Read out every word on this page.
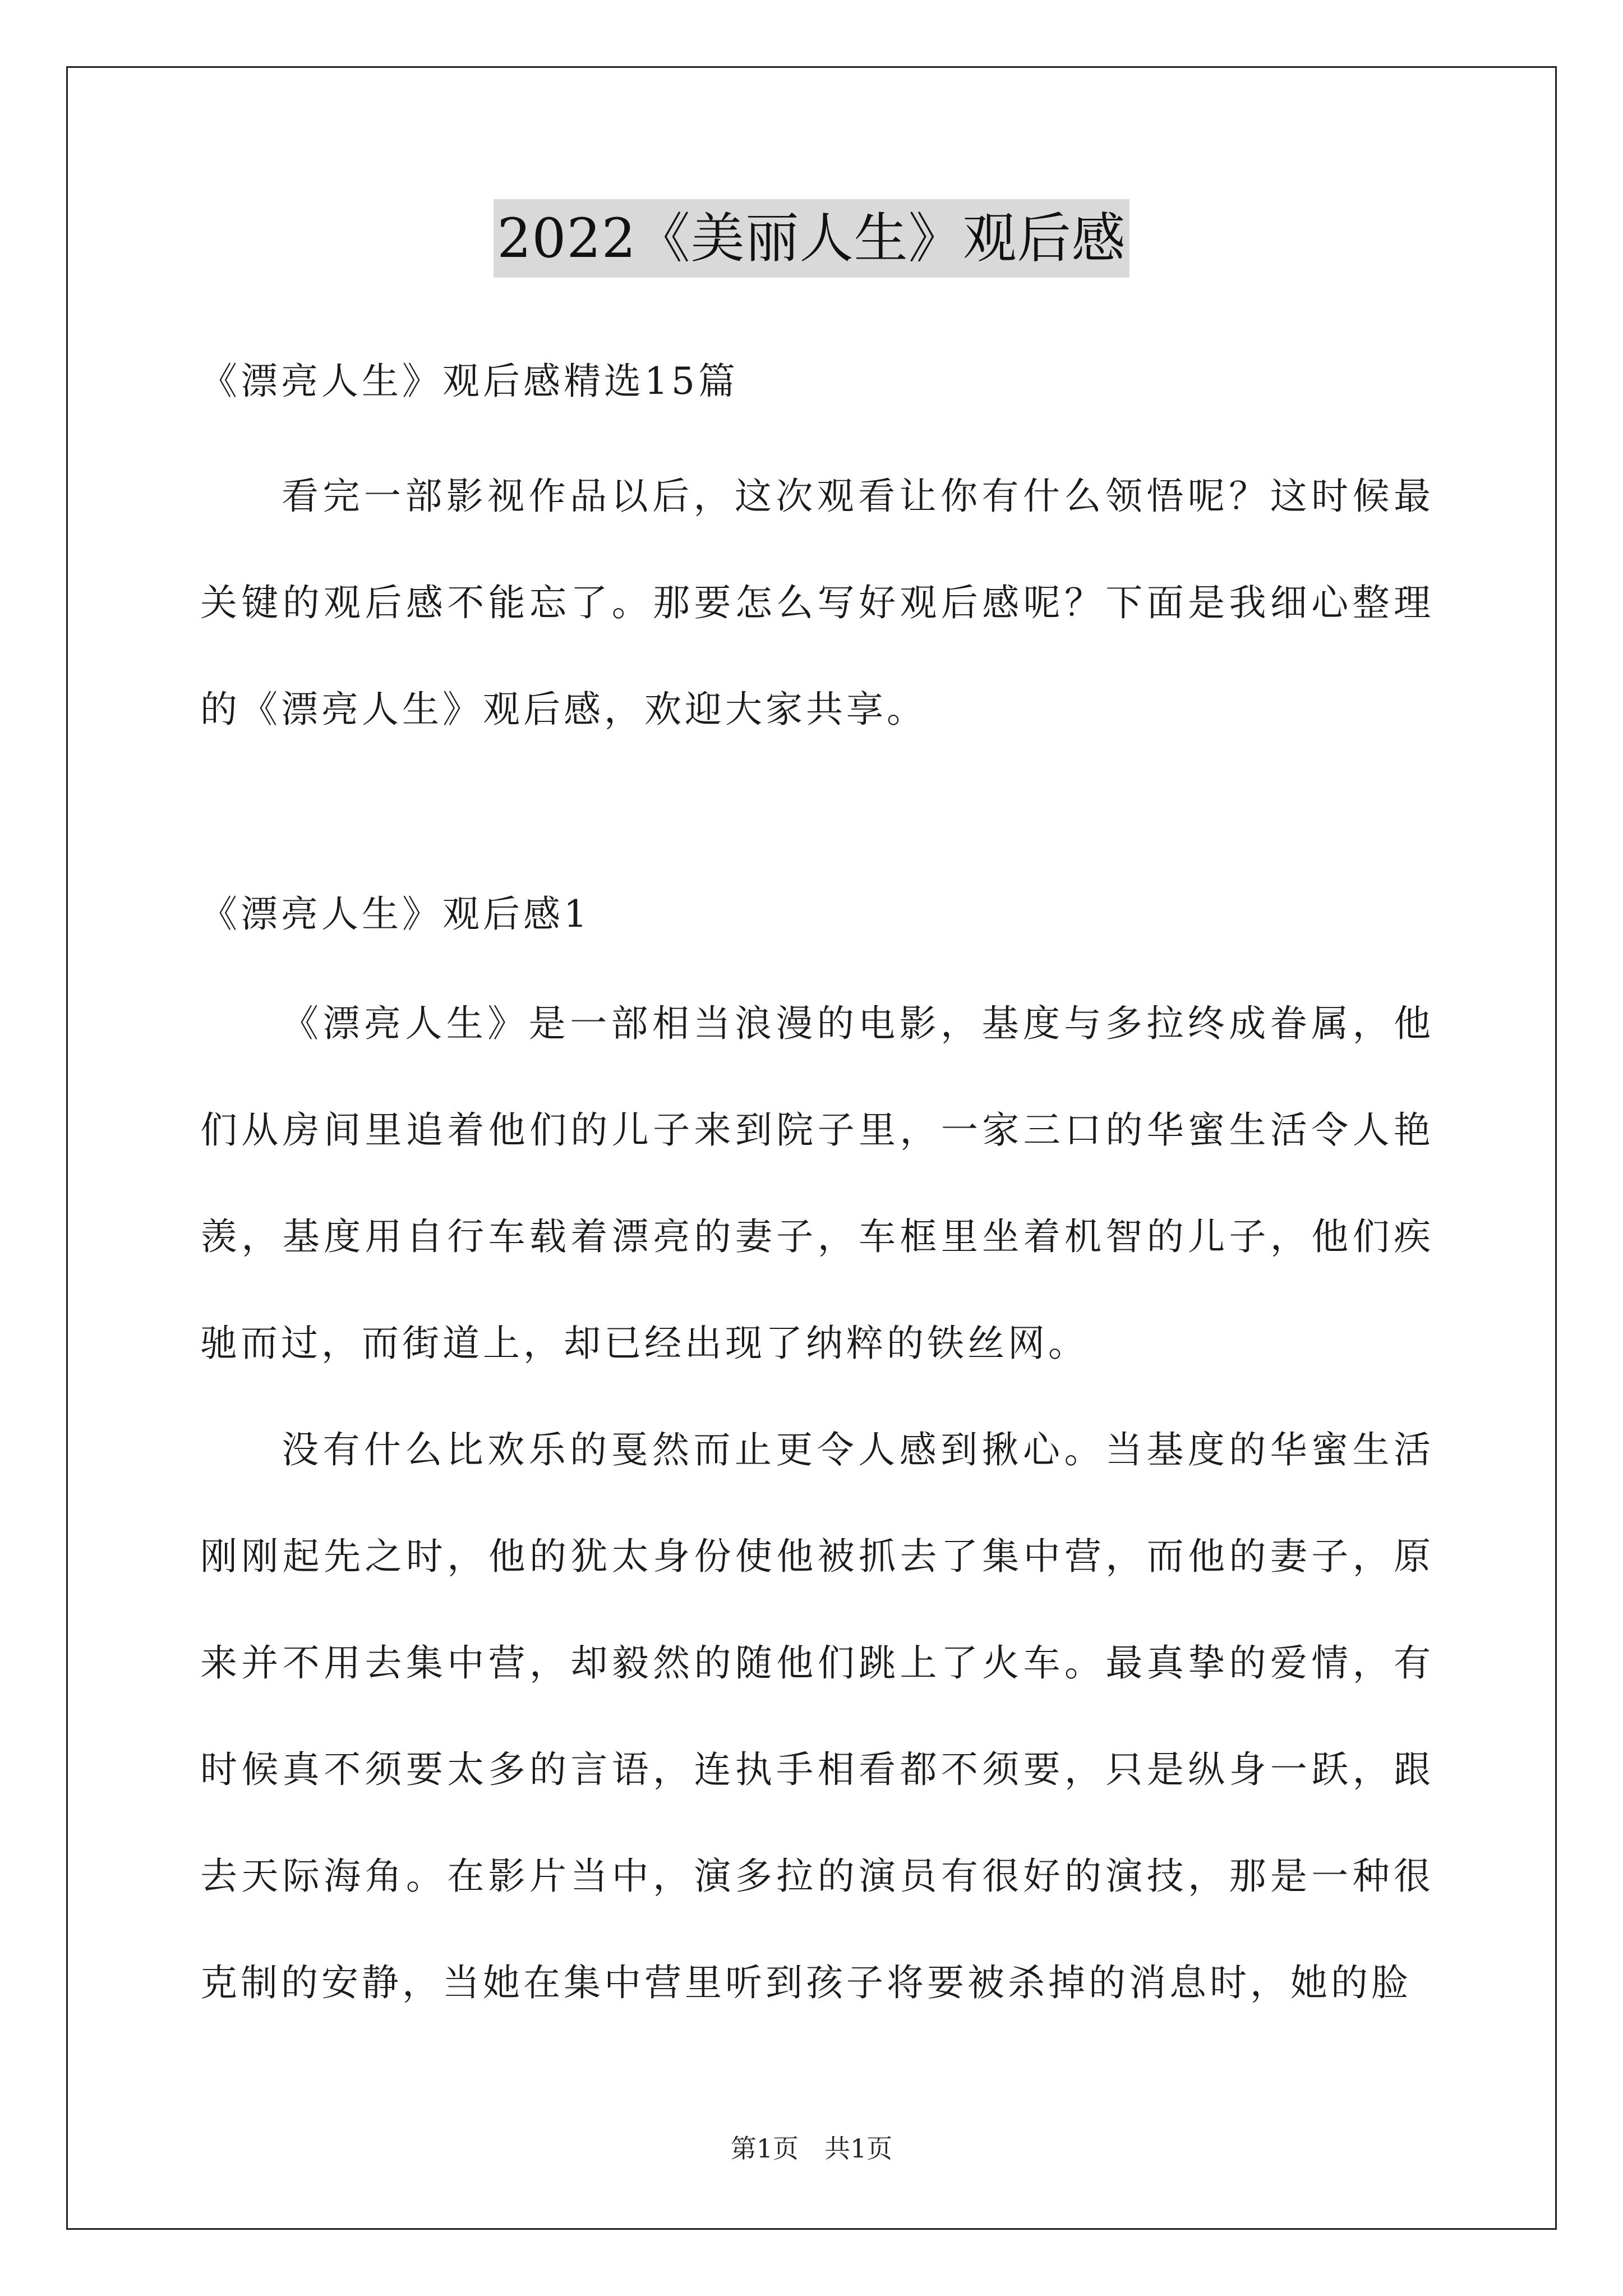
2022《美丽人生》观后感
《漂亮人生》观后感精选15篇
看完一部影视作品以后，这次观看让你有什么领悟呢？这时候最关键的观后感不能忘了。那要怎么写好观后感呢？下面是我细心整理的《漂亮人生》观后感，欢迎大家共享。
《漂亮人生》观后感1
《漂亮人生》是一部相当浪漫的电影，基度与多拉终成眷属，他们从房间里追着他们的儿子来到院子里，一家三口的华蜜生活令人艳羡，基度用自行车载着漂亮的妻子，车框里坐着机智的儿子，他们疾驰而过，而街道上，却已经出现了纳粹的铁丝网。
没有什么比欢乐的戛然而止更令人感到揪心。当基度的华蜜生活刚刚起先之时，他的犹太身份使他被抓去了集中营，而他的妻子，原来并不用去集中营，却毅然的随他们跳上了火车。最真挚的爱情，有时候真不须要太多的言语，连执手相看都不须要，只是纵身一跃，跟去天际海角。在影片当中，演多拉的演员有很好的演技，那是一种很克制的安静，当她在集中营里听到孩子将要被杀掉的消息时，她的脸
第1页　共1页
